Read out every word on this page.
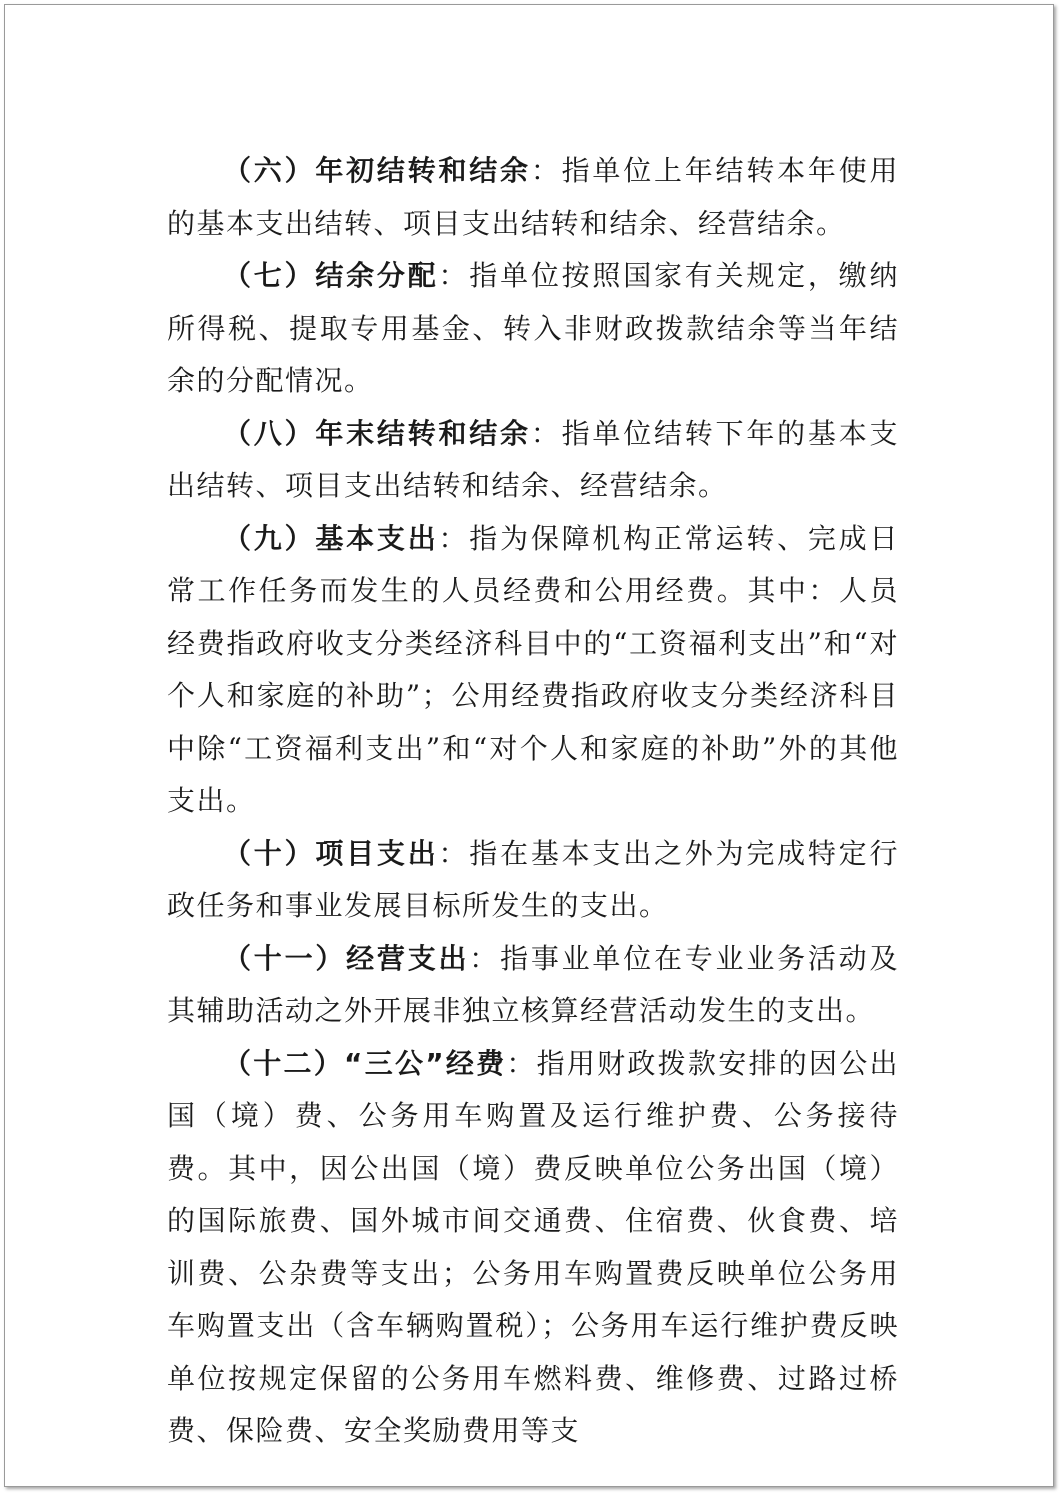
（六）年初结转和结余：指单位上年结转本年使用的基本支出结转、项目支出结转和结余、经营结余。

（七）结余分配：指单位按照国家有关规定，缴纳所得税、提取专用基金、转入非财政拨款结余等当年结余的分配情况。

（八）年末结转和结余：指单位结转下年的基本支出结转、项目支出结转和结余、经营结余。

（九）基本支出：指为保障机构正常运转、完成日常工作任务而发生的人员经费和公用经费。其中：人员经费指政府收支分类经济科目中的“工资福利支出”和“对个人和家庭的补助”；公用经费指政府收支分类经济科目中除“工资福利支出”和“对个人和家庭的补助”外的其他支出。

（十）项目支出：指在基本支出之外为完成特定行政任务和事业发展目标所发生的支出。

（十一）经营支出：指事业单位在专业业务活动及其辅助活动之外开展非独立核算经营活动发生的支出。

（十二）“三公”经费：指用财政拨款安排的因公出国（境）费、公务用车购置及运行维护费、公务接待费。其中，因公出国（境）费反映单位公务出国（境）的国际旅费、国外城市间交通费、住宿费、伙食费、培训费、公杂费等支出；公务用车购置费反映单位公务用车购置支出（含车辆购置税）；公务用车运行维护费反映单位按规定保留的公务用车燃料费、维修费、过路过桥费、保险费、安全奖励费用等支
